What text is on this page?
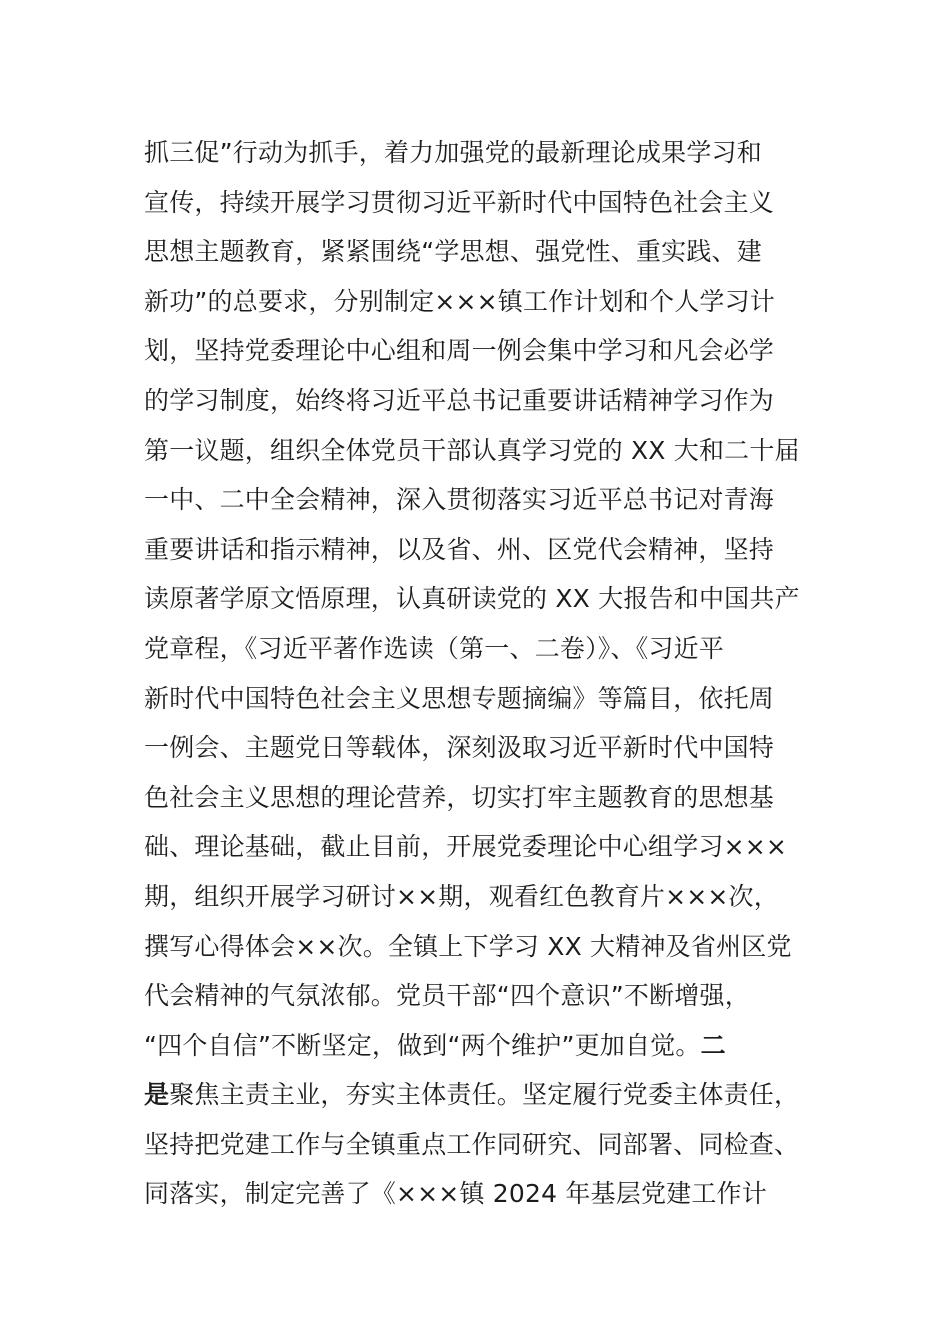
抓三促”行动为抓手，着力加强党的最新理论成果学习和
宣传，持续开展学习贯彻习近平新时代中国特色社会主义
思想主题教育，紧紧围绕“学思想、强党性、重实践、建
新功”的总要求，分别制定×××镇工作计划和个人学习计
划，坚持党委理论中心组和周一例会集中学习和凡会必学
的学习制度，始终将习近平总书记重要讲话精神学习作为
第一议题，组织全体党员干部认真学习党的 XX 大和二十届
一中、二中全会精神，深入贯彻落实习近平总书记对青海
重要讲话和指示精神，以及省、州、区党代会精神，坚持
读原著学原文悟原理，认真研读党的 XX 大报告和中国共产
党章程，《习近平著作选读（第一、二卷）》、《习近平
新时代中国特色社会主义思想专题摘编》等篇目，依托周
一例会、主题党日等载体，深刻汲取习近平新时代中国特
色社会主义思想的理论营养，切实打牢主题教育的思想基
础、理论基础，截止目前，开展党委理论中心组学习×××
期，组织开展学习研讨××期，观看红色教育片×××次，
撰写心得体会××次。全镇上下学习 XX 大精神及省州区党
代会精神的气氛浓郁。党员干部“四个意识”不断增强，
“四个自信”不断坚定，做到“两个维护”更加自觉。二
是聚焦主责主业，夯实主体责任。坚定履行党委主体责任，
坚持把党建工作与全镇重点工作同研究、同部署、同检查、
同落实，制定完善了《×××镇 2024 年基层党建工作计
